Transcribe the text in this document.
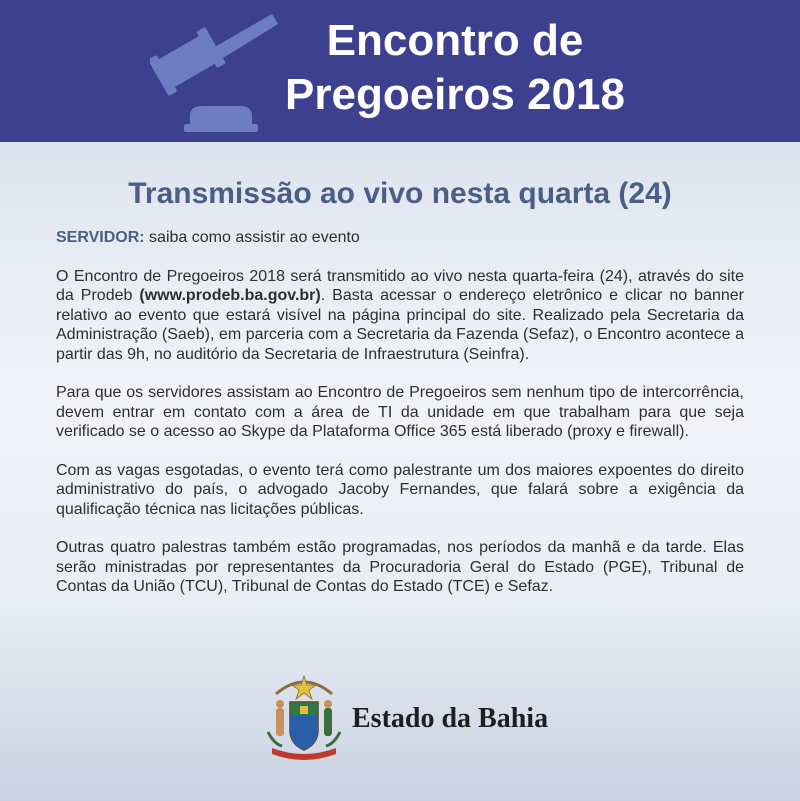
Encontro de
Pregoeiros 2018
Transmissão ao vivo nesta quarta (24)

SERVIDOR: saiba como assistir ao evento

O Encontro de Pregoeiros 2018 será transmitido ao vivo nesta quarta-feira (24), através do site da Prodeb (www.prodeb.ba.gov.br). Basta acessar o endereço eletrônico e clicar no banner relativo ao evento que estará visível na página principal do site. Realizado pela Secretaria da Administração (Saeb), em parceria com a Secretaria da Fazenda (Sefaz), o Encontro acontece a partir das 9h, no auditório da Secretaria de Infraestrutura (Seinfra).

Para que os servidores assistam ao Encontro de Pregoeiros sem nenhum tipo de intercorrência, devem entrar em contato com a área de TI da unidade em que trabalham para que seja verificado se o acesso ao Skype da Plataforma Office 365 está liberado (proxy e firewall).

Com as vagas esgotadas, o evento terá como palestrante um dos maiores expoentes do direito administrativo do país, o advogado Jacoby Fernandes, que falará sobre a exigência da qualificação técnica nas licitações públicas.

Outras quatro palestras também estão programadas, nos períodos da manhã e da tarde. Elas serão ministradas por representantes da Procuradoria Geral do Estado (PGE), Tribunal de Contas da União (TCU), Tribunal de Contas do Estado (TCE) e Sefaz.

Estado da Bahia
